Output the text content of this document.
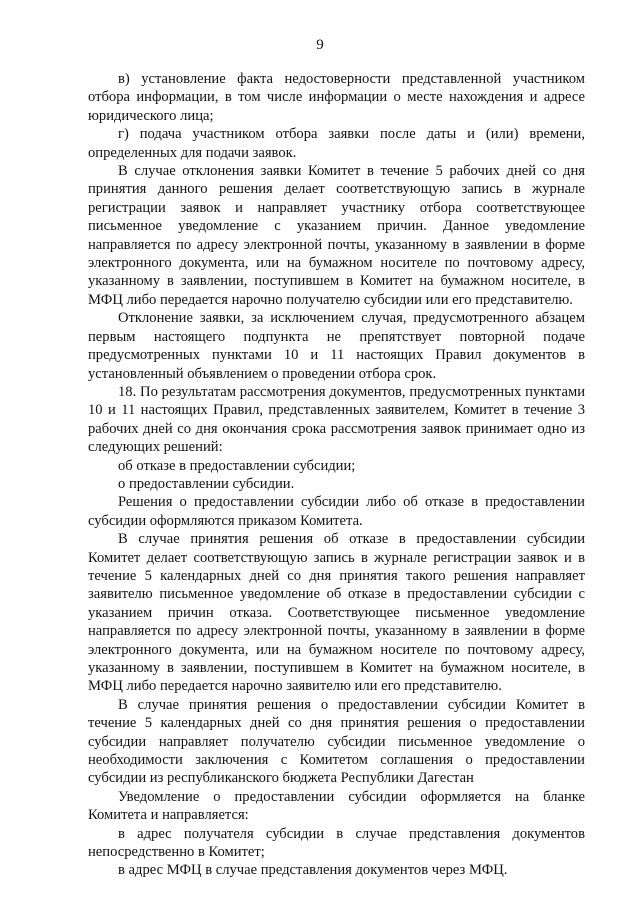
9

в) установление факта недостоверности представленной участником отбора информации, в том числе информации о месте нахождения и адресе юридического лица;

г) подача участником отбора заявки после даты и (или) времени, определенных для подачи заявок.

В случае отклонения заявки Комитет в течение 5 рабочих дней со дня принятия данного решения делает соответствующую запись в журнале регистрации заявок и направляет участнику отбора соответствующее письменное уведомление с указанием причин. Данное уведомление направляется по адресу электронной почты, указанному в заявлении в форме электронного документа, или на бумажном носителе по почтовому адресу, указанному в заявлении, поступившем в Комитет на бумажном носителе, в МФЦ либо передается нарочно получателю субсидии или его представителю.

Отклонение заявки, за исключением случая, предусмотренного абзацем первым настоящего подпункта не препятствует повторной подаче предусмотренных пунктами 10 и 11 настоящих Правил документов в установленный объявлением о проведении отбора срок.

18. По результатам рассмотрения документов, предусмотренных пунктами 10 и 11 настоящих Правил, представленных заявителем, Комитет в течение 3 рабочих дней со дня окончания срока рассмотрения заявок принимает одно из следующих решений:

об отказе в предоставлении субсидии;

о предоставлении субсидии.

Решения о предоставлении субсидии либо об отказе в предоставлении субсидии оформляются приказом Комитета.

В случае принятия решения об отказе в предоставлении субсидии Комитет делает соответствующую запись в журнале регистрации заявок и в течение 5 календарных дней со дня принятия такого решения направляет заявителю письменное уведомление об отказе в предоставлении субсидии с указанием причин отказа. Соответствующее письменное уведомление направляется по адресу электронной почты, указанному в заявлении в форме электронного документа, или на бумажном носителе по почтовому адресу, указанному в заявлении, поступившем в Комитет на бумажном носителе, в МФЦ либо передается нарочно заявителю или его представителю.

В случае принятия решения о предоставлении субсидии Комитет в течение 5 календарных дней со дня принятия решения о предоставлении субсидии направляет получателю субсидии письменное уведомление о необходимости заключения с Комитетом соглашения о предоставлении субсидии из республиканского бюджета Республики Дагестан

Уведомление о предоставлении субсидии оформляется на бланке Комитета и направляется:

в адрес получателя субсидии в случае представления документов непосредственно в Комитет;

в адрес МФЦ в случае представления документов через МФЦ.
